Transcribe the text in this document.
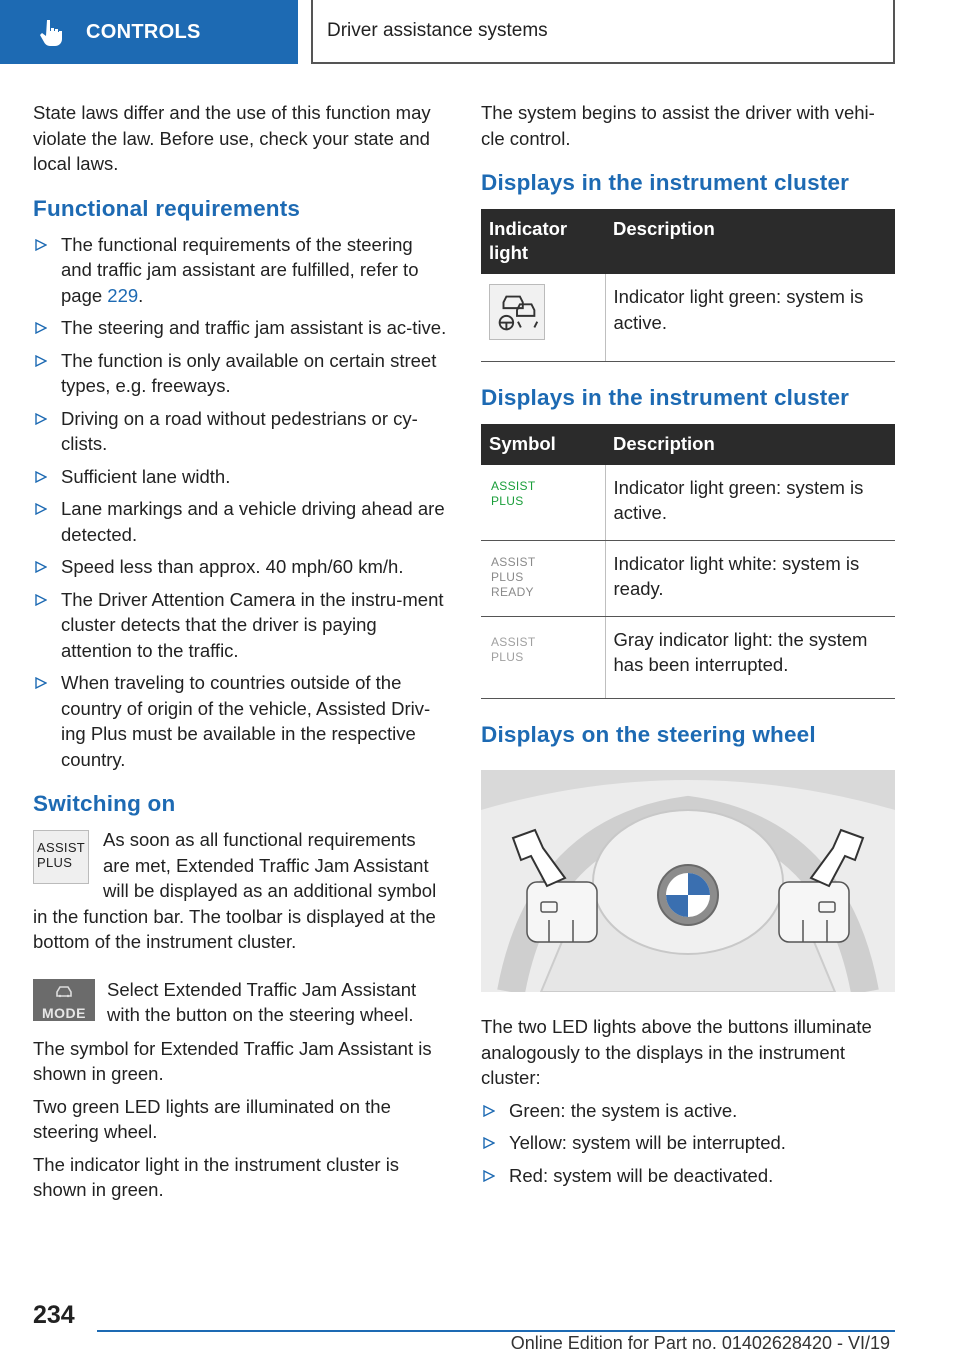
CONTROLS	Driver assistance systems

State laws differ and the use of this function may violate the law. Before use, check your state and local laws.

Functional requirements
The functional requirements of the steering and traffic jam assistant are fulfilled, refer to page 229.
The steering and traffic jam assistant is ac-tive.
The function is only available on certain street types, e.g. freeways.
Driving on a road without pedestrians or cy-clists.
Sufficient lane width.
Lane markings and a vehicle driving ahead are detected.
Speed less than approx. 40 mph/60 km/h.
The Driver Attention Camera in the instru-ment cluster detects that the driver is paying attention to the traffic.
When traveling to countries outside of the country of origin of the vehicle, Assisted Driv-ing Plus must be available in the respective country.
Switching on
ASSIST
PLUS
As soon as all functional requirements are met, Extended Traffic Jam Assistant will be displayed as an additional symbol

in the function bar. The toolbar is displayed at the bottom of the instrument cluster.

MODE
Select Extended Traffic Jam Assistant with the button on the steering wheel.

The symbol for Extended Traffic Jam Assistant is shown in green.

Two green LED lights are illuminated on the steering wheel.

The indicator light in the instrument cluster is shown in green.

The system begins to assist the driver with vehi-cle control.

Displays in the instrument cluster
Indicator light	Description
	Indicator light green: system is active.
Displays in the instrument cluster
Symbol	Description

ASSIST
PLUS	Indicator light green: system is active.

ASSIST
PLUS
READY	Indicator light white: system is ready.

ASSIST
PLUS	Gray indicator light: the system has been interrupted.
Displays on the steering wheel

The two LED lights above the buttons illuminate analogously to the displays in the instrument cluster:

Green: the system is active.
Yellow: system will be interrupted.
Red: system will be deactivated.
234
Online Edition for Part no. 01402628420 - VI/19
